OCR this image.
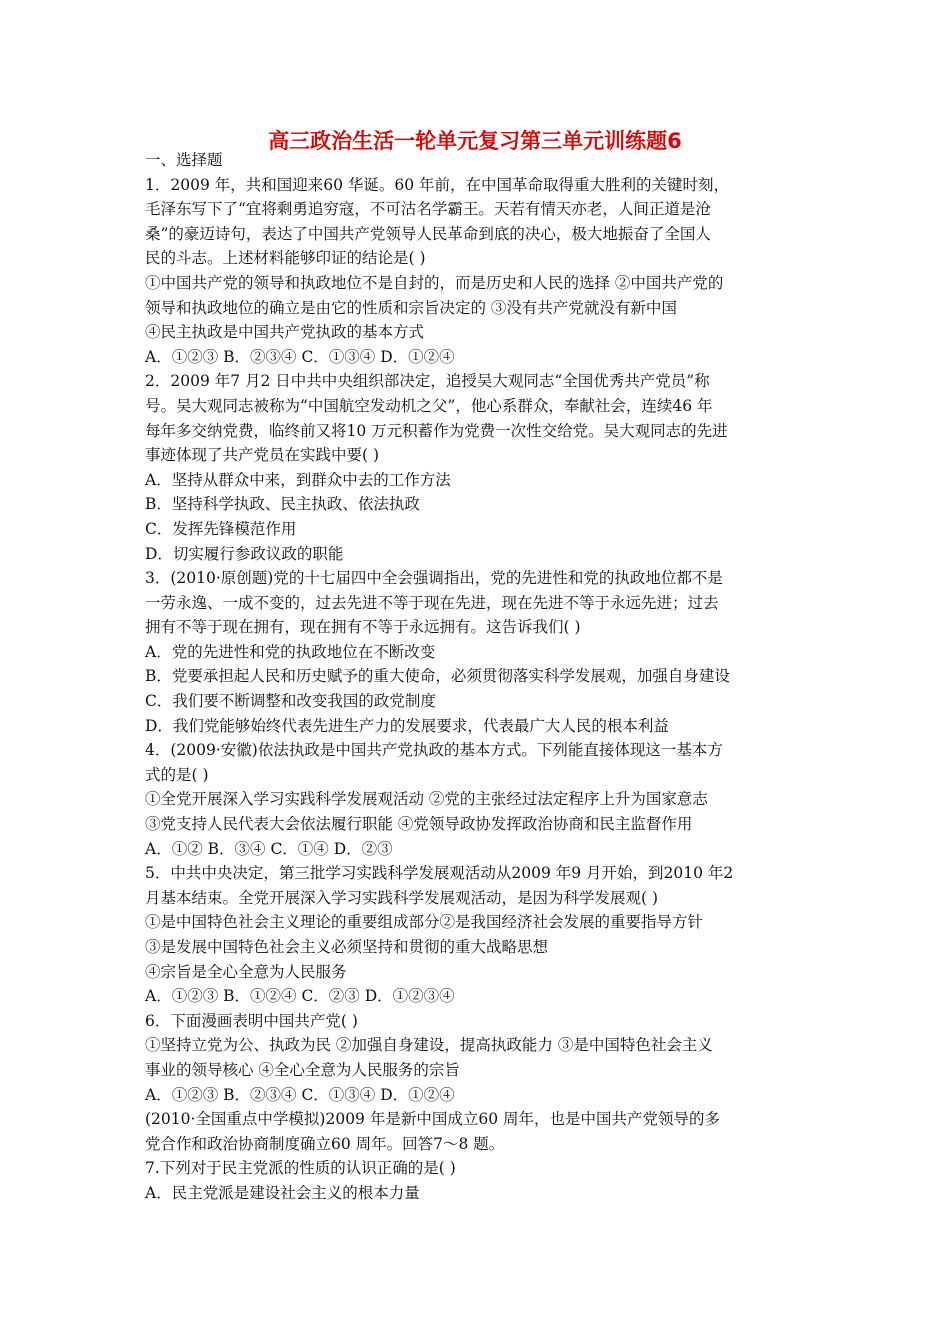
高三政治生活一轮单元复习第三单元训练题6

一、选择题

1．2009 年，共和国迎来60 华诞。60 年前，在中国革命取得重大胜利的关键时刻，

毛泽东写下了“宜将剩勇追穷寇，不可沽名学霸王。天若有情天亦老，人间正道是沧

桑”的豪迈诗句，表达了中国共产党领导人民革命到底的决心，极大地振奋了全国人

民的斗志。上述材料能够印证的结论是( )

①中国共产党的领导和执政地位不是自封的，而是历史和人民的选择 ②中国共产党的

领导和执政地位的确立是由它的性质和宗旨决定的 ③没有共产党就没有新中国

④民主执政是中国共产党执政的基本方式

A．①②③ B．②③④ C．①③④ D．①②④

2．2009 年7 月2 日中共中央组织部决定，追授吴大观同志“全国优秀共产党员”称

号。吴大观同志被称为“中国航空发动机之父”，他心系群众，奉献社会，连续46 年

每年多交纳党费，临终前又将10 万元积蓄作为党费一次性交给党。吴大观同志的先进

事迹体现了共产党员在实践中要( )

A．坚持从群众中来，到群众中去的工作方法

B．坚持科学执政、民主执政、依法执政

C．发挥先锋模范作用

D．切实履行参政议政的职能

3．(2010·原创题)党的十七届四中全会强调指出，党的先进性和党的执政地位都不是

一劳永逸、一成不变的，过去先进不等于现在先进，现在先进不等于永远先进；过去

拥有不等于现在拥有，现在拥有不等于永远拥有。这告诉我们( )

A．党的先进性和党的执政地位在不断改变

B．党要承担起人民和历史赋予的重大使命，必须贯彻落实科学发展观，加强自身建设

C．我们要不断调整和改变我国的政党制度

D．我们党能够始终代表先进生产力的发展要求，代表最广大人民的根本利益

4．(2009·安徽)依法执政是中国共产党执政的基本方式。下列能直接体现这一基本方

式的是( )

①全党开展深入学习实践科学发展观活动 ②党的主张经过法定程序上升为国家意志

③党支持人民代表大会依法履行职能 ④党领导政协发挥政治协商和民主监督作用

A．①② B．③④ C．①④ D．②③

5．中共中央决定，第三批学习实践科学发展观活动从2009 年9 月开始，到2010 年2

月基本结束。全党开展深入学习实践科学发展观活动，是因为科学发展观( )

①是中国特色社会主义理论的重要组成部分②是我国经济社会发展的重要指导方针

③是发展中国特色社会主义必须坚持和贯彻的重大战略思想

④宗旨是全心全意为人民服务

A．①②③ B．①②④ C．②③ D．①②③④

6．下面漫画表明中国共产党( )

①坚持立党为公、执政为民 ②加强自身建设，提高执政能力 ③是中国特色社会主义

事业的领导核心 ④全心全意为人民服务的宗旨

A．①②③ B．②③④ C．①③④ D．①②④

(2010·全国重点中学模拟)2009 年是新中国成立60 周年，也是中国共产党领导的多

党合作和政治协商制度确立60 周年。回答7～8 题。

7.下列对于民主党派的性质的认识正确的是( )

A．民主党派是建设社会主义的根本力量
